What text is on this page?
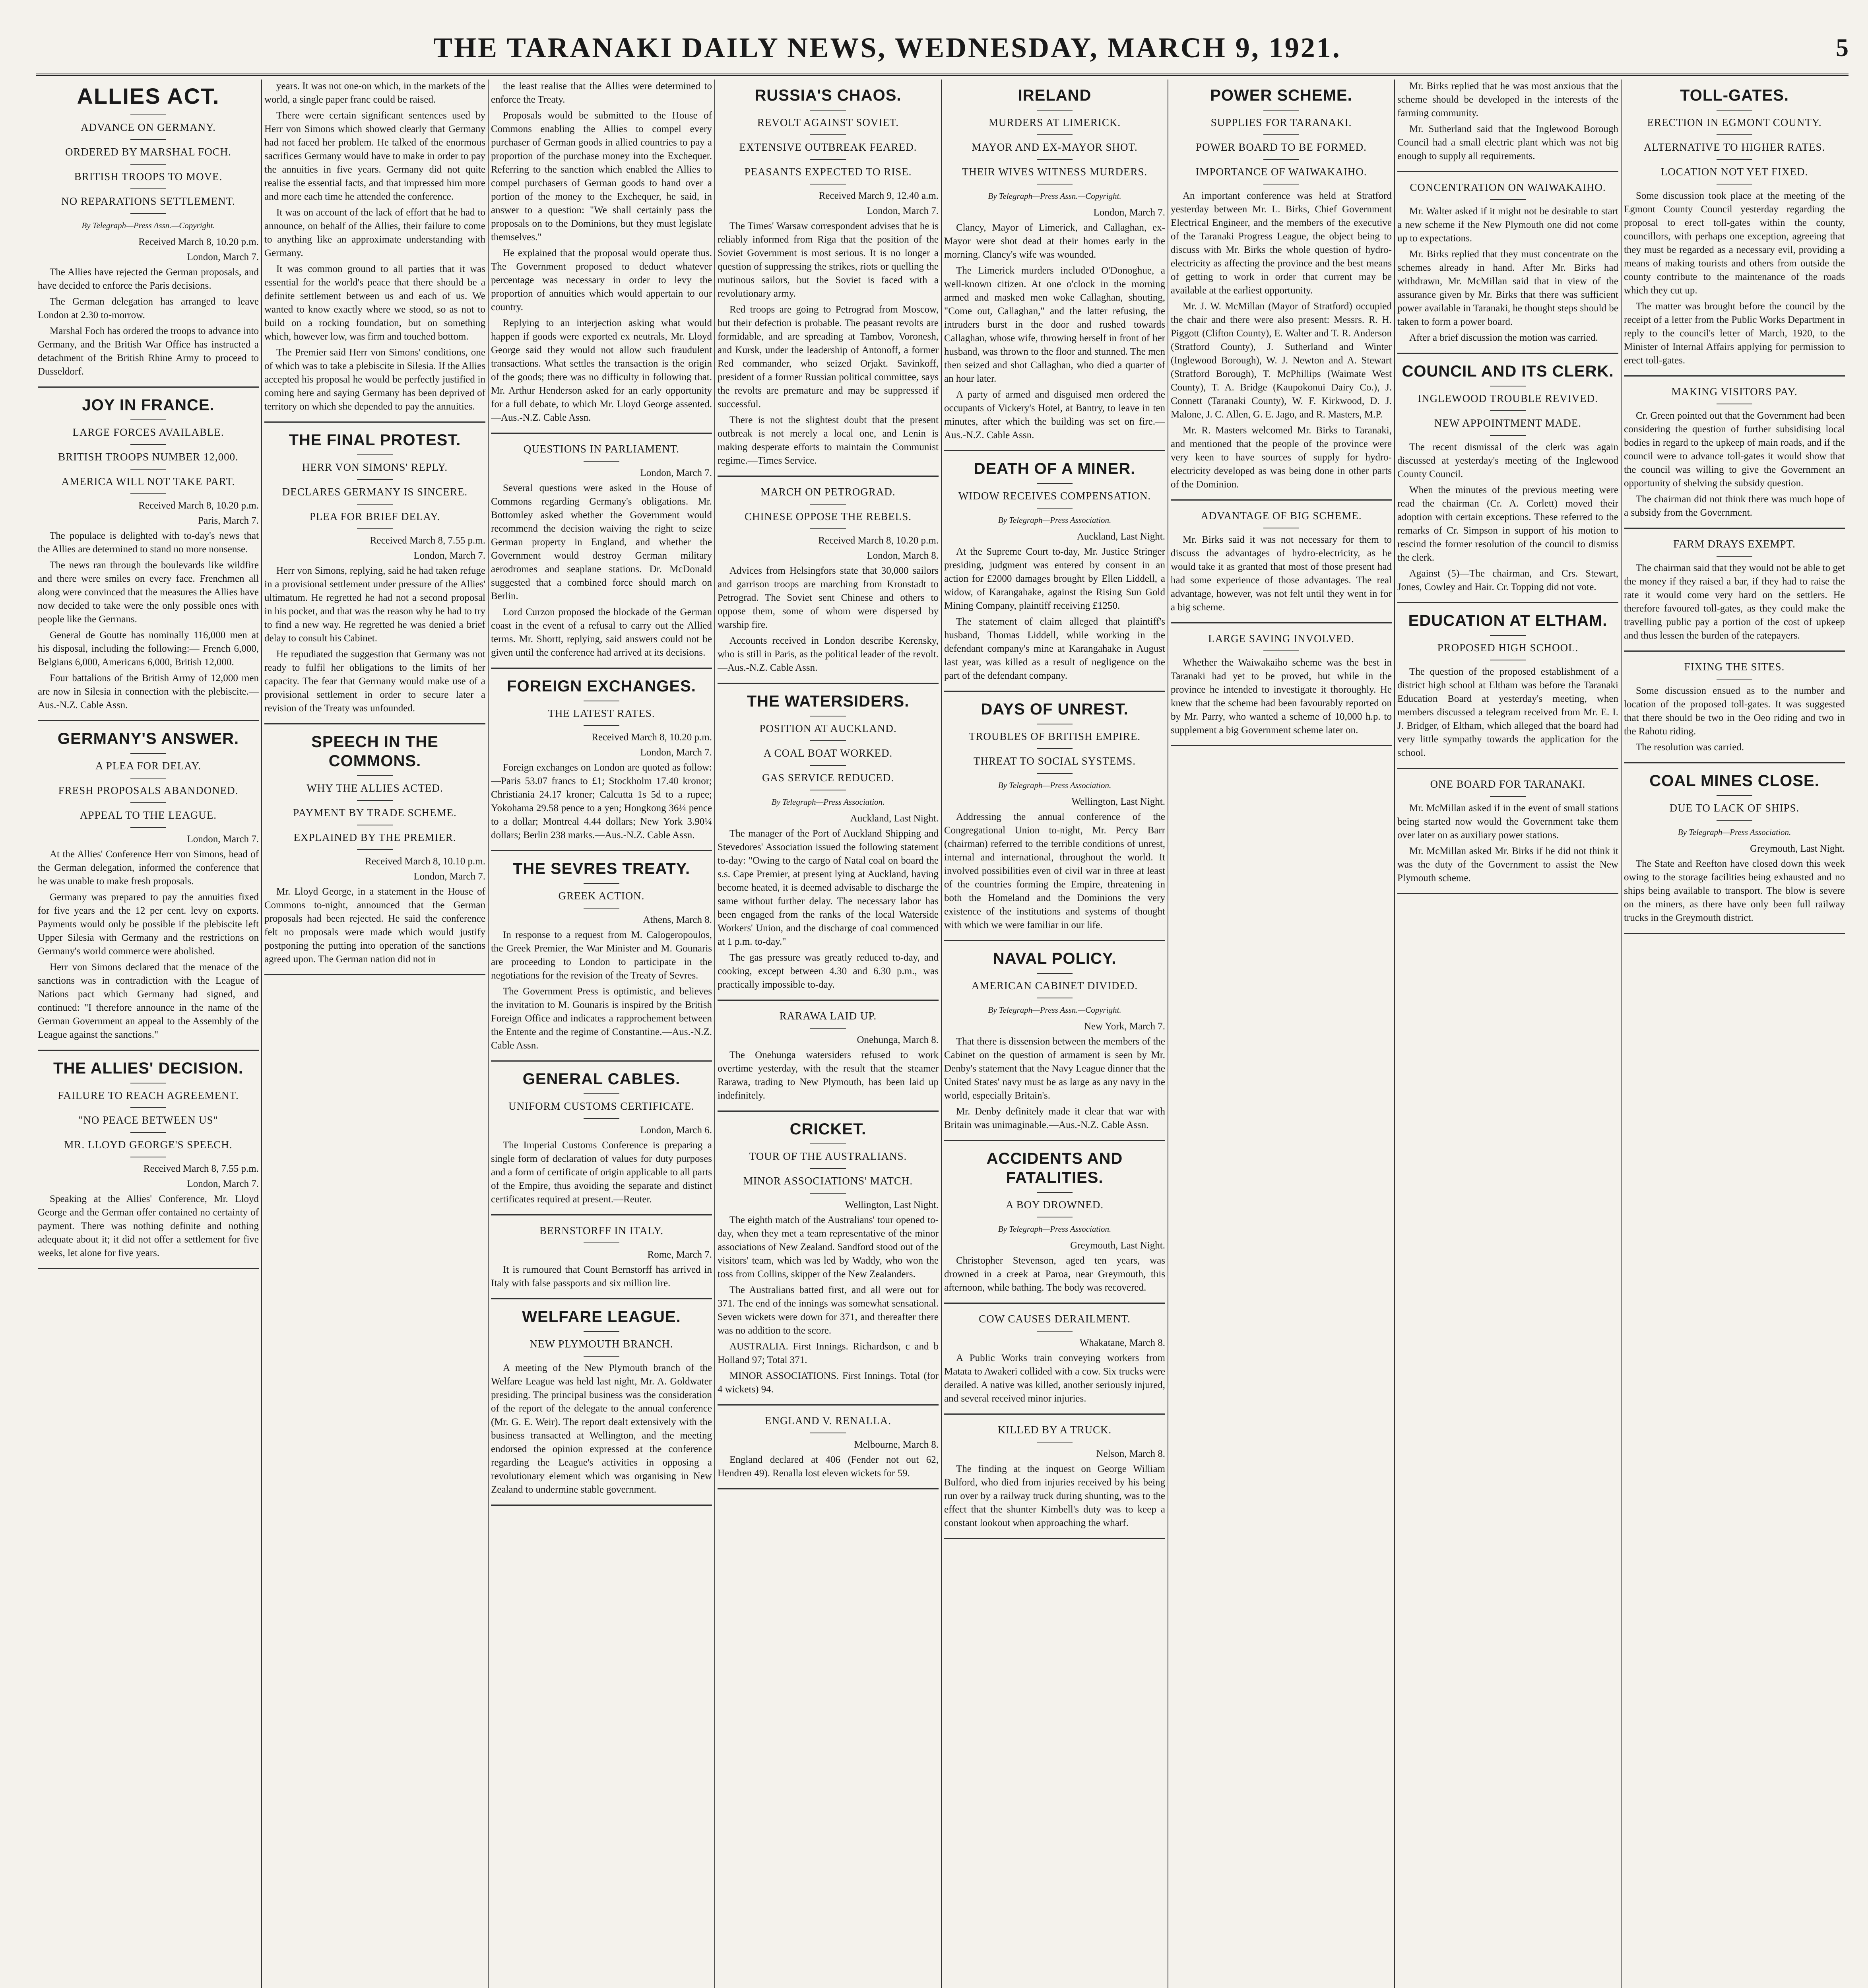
THE TARANAKI DAILY NEWS, WEDNESDAY, MARCH 9, 1921.	5
ALLIES ACT.
ADVANCE ON GERMANY.
ORDERED BY MARSHAL FOCH.
BRITISH TROOPS TO MOVE.
NO REPARATIONS SETTLEMENT.
By Telegraph—Press Assn.—Copyright.
Received March 8, 10.20 p.m.
London, March 7.

The Allies have rejected the German proposals, and have decided to enforce the Paris decisions.

The German delegation has arranged to leave London at 2.30 to-morrow.

Marshal Foch has ordered the troops to advance into Germany, and the British War Office has instructed a detachment of the British Rhine Army to proceed to Dusseldorf.

JOY IN FRANCE.
LARGE FORCES AVAILABLE.
BRITISH TROOPS NUMBER 12,000.
AMERICA WILL NOT TAKE PART.
Received March 8, 10.20 p.m.
Paris, March 7.

The populace is delighted with to-day's news that the Allies are determined to stand no more nonsense.

The news ran through the boulevards like wildfire and there were smiles on every face. Frenchmen all along were convinced that the measures the Allies have now decided to take were the only possible ones with people like the Germans.

General de Goutte has nominally 116,000 men at his disposal, including the following:— French 6,000, Belgians 6,000, Americans 6,000, British 12,000.

Four battalions of the British Army of 12,000 men are now in Silesia in connection with the plebiscite.—Aus.-N.Z. Cable Assn.

GERMANY'S ANSWER.
A PLEA FOR DELAY.
FRESH PROPOSALS ABANDONED.
APPEAL TO THE LEAGUE.
London, March 7.

At the Allies' Conference Herr von Simons, head of the German delegation, informed the conference that he was unable to make fresh proposals.

Germany was prepared to pay the annuities fixed for five years and the 12 per cent. levy on exports. Payments would only be possible if the plebiscite left Upper Silesia with Germany and the restrictions on Germany's world commerce were abolished.

Herr von Simons declared that the menace of the sanctions was in contradiction with the League of Nations pact which Germany had signed, and continued: "I therefore announce in the name of the German Government an appeal to the Assembly of the League against the sanctions."

THE ALLIES' DECISION.
FAILURE TO REACH AGREEMENT.
"NO PEACE BETWEEN US"
MR. LLOYD GEORGE'S SPEECH.
Received March 8, 7.55 p.m.
London, March 7.

Speaking at the Allies' Conference, Mr. Lloyd George and the German offer contained no certainty of payment. There was nothing definite and nothing adequate about it; it did not offer a settlement for five weeks, let alone for five years.

years. It was not one-on which, in the markets of the world, a single paper franc could be raised.

There were certain significant sentences used by Herr von Simons which showed clearly that Germany had not faced her problem. He talked of the enormous sacrifices Germany would have to make in order to pay the annuities in five years. Germany did not quite realise the essential facts, and that impressed him more and more each time he attended the conference.

It was on account of the lack of effort that he had to announce, on behalf of the Allies, their failure to come to anything like an approximate understanding with Germany.

It was common ground to all parties that it was essential for the world's peace that there should be a definite settlement between us and each of us. We wanted to know exactly where we stood, so as not to build on a rocking foundation, but on something which, however low, was firm and touched bottom.

The Premier said Herr von Simons' conditions, one of which was to take a plebiscite in Silesia. If the Allies accepted his proposal he would be perfectly justified in coming here and saying Germany has been deprived of territory on which she depended to pay the annuities.

THE FINAL PROTEST.
HERR VON SIMONS' REPLY.
DECLARES GERMANY IS SINCERE.
PLEA FOR BRIEF DELAY.
Received March 8, 7.55 p.m.
London, March 7.

Herr von Simons, replying, said he had taken refuge in a provisional settlement under pressure of the Allies' ultimatum. He regretted he had not a second proposal in his pocket, and that was the reason why he had to try to find a new way. He regretted he was denied a brief delay to consult his Cabinet.

He repudiated the suggestion that Germany was not ready to fulfil her obligations to the limits of her capacity. The fear that Germany would make use of a provisional settlement in order to secure later a revision of the Treaty was unfounded.

SPEECH IN THE COMMONS.
WHY THE ALLIES ACTED.
PAYMENT BY TRADE SCHEME.
EXPLAINED BY THE PREMIER.
Received March 8, 10.10 p.m.
London, March 7.

Mr. Lloyd George, in a statement in the House of Commons to-night, announced that the German proposals had been rejected. He said the conference felt no proposals were made which would justify postponing the putting into operation of the sanctions agreed upon. The German nation did not in

the least realise that the Allies were determined to enforce the Treaty.

Proposals would be submitted to the House of Commons enabling the Allies to compel every purchaser of German goods in allied countries to pay a proportion of the purchase money into the Exchequer. Referring to the sanction which enabled the Allies to compel purchasers of German goods to hand over a portion of the money to the Exchequer, he said, in answer to a question: "We shall certainly pass the proposals on to the Dominions, but they must legislate themselves."

He explained that the proposal would operate thus. The Government proposed to deduct whatever percentage was necessary in order to levy the proportion of annuities which would appertain to our country.

Replying to an interjection asking what would happen if goods were exported ex neutrals, Mr. Lloyd George said they would not allow such fraudulent transactions. What settles the transaction is the origin of the goods; there was no difficulty in following that. Mr. Arthur Henderson asked for an early opportunity for a full debate, to which Mr. Lloyd George assented.—Aus.-N.Z. Cable Assn.

QUESTIONS IN PARLIAMENT.
London, March 7.

Several questions were asked in the House of Commons regarding Germany's obligations. Mr. Bottomley asked whether the Government would recommend the decision waiving the right to seize German property in England, and whether the Government would destroy German military aerodromes and seaplane stations. Dr. McDonald suggested that a combined force should march on Berlin.

Lord Curzon proposed the blockade of the German coast in the event of a refusal to carry out the Allied terms. Mr. Shortt, replying, said answers could not be given until the conference had arrived at its decisions.

FOREIGN EXCHANGES.
THE LATEST RATES.
Received March 8, 10.20 p.m.
London, March 7.

Foreign exchanges on London are quoted as follow:—Paris 53.07 francs to £1; Stockholm 17.40 kronor; Christiania 24.17 kroner; Calcutta 1s 5d to a rupee; Yokohama 29.58 pence to a yen; Hongkong 36¼ pence to a dollar; Montreal 4.44 dollars; New York 3.90¼ dollars; Berlin 238 marks.—Aus.-N.Z. Cable Assn.

THE SEVRES TREATY.
GREEK ACTION.
Athens, March 8.

In response to a request from M. Calogeropoulos, the Greek Premier, the War Minister and M. Gounaris are proceeding to London to participate in the negotiations for the revision of the Treaty of Sevres.

The Government Press is optimistic, and believes the invitation to M. Gounaris is inspired by the British Foreign Office and indicates a rapprochement between the Entente and the regime of Constantine.—Aus.-N.Z. Cable Assn.

GENERAL CABLES.
UNIFORM CUSTOMS CERTIFICATE.
London, March 6.

The Imperial Customs Conference is preparing a single form of declaration of values for duty purposes and a form of certificate of origin applicable to all parts of the Empire, thus avoiding the separate and distinct certificates required at present.—Reuter.

BERNSTORFF IN ITALY.
Rome, March 7.

It is rumoured that Count Bernstorff has arrived in Italy with false passports and six million lire.

WELFARE LEAGUE.
NEW PLYMOUTH BRANCH.

A meeting of the New Plymouth branch of the Welfare League was held last night, Mr. A. Goldwater presiding. The principal business was the consideration of the report of the delegate to the annual conference (Mr. G. E. Weir). The report dealt extensively with the business transacted at Wellington, and the meeting endorsed the opinion expressed at the conference regarding the League's activities in opposing a revolutionary element which was organising in New Zealand to undermine stable government.

RUSSIA'S CHAOS.
REVOLT AGAINST SOVIET.
EXTENSIVE OUTBREAK FEARED.
PEASANTS EXPECTED TO RISE.
Received March 9, 12.40 a.m.
London, March 7.

The Times' Warsaw correspondent advises that he is reliably informed from Riga that the position of the Soviet Government is most serious. It is no longer a question of suppressing the strikes, riots or quelling the mutinous sailors, but the Soviet is faced with a revolutionary army.

Red troops are going to Petrograd from Moscow, but their defection is probable. The peasant revolts are formidable, and are spreading at Tambov, Voronesh, and Kursk, under the leadership of Antonoff, a former Red commander, who seized Orjakt. Savinkoff, president of a former Russian political committee, says the revolts are premature and may be suppressed if successful.

There is not the slightest doubt that the present outbreak is not merely a local one, and Lenin is making desperate efforts to maintain the Communist regime.—Times Service.

MARCH ON PETROGRAD.
CHINESE OPPOSE THE REBELS.
Received March 8, 10.20 p.m.
London, March 8.

Advices from Helsingfors state that 30,000 sailors and garrison troops are marching from Kronstadt to Petrograd. The Soviet sent Chinese and others to oppose them, some of whom were dispersed by warship fire.

Accounts received in London describe Kerensky, who is still in Paris, as the political leader of the revolt.—Aus.-N.Z. Cable Assn.

THE WATERSIDERS.
POSITION AT AUCKLAND.
A COAL BOAT WORKED.
GAS SERVICE REDUCED.
By Telegraph—Press Association.
Auckland, Last Night.

The manager of the Port of Auckland Shipping and Stevedores' Association issued the following statement to-day: "Owing to the cargo of Natal coal on board the s.s. Cape Premier, at present lying at Auckland, having become heated, it is deemed advisable to discharge the same without further delay. The necessary labor has been engaged from the ranks of the local Waterside Workers' Union, and the discharge of coal commenced at 1 p.m. to-day."

The gas pressure was greatly reduced to-day, and cooking, except between 4.30 and 6.30 p.m., was practically impossible to-day.

RARAWA LAID UP.
Onehunga, March 8.

The Onehunga watersiders refused to work overtime yesterday, with the result that the steamer Rarawa, trading to New Plymouth, has been laid up indefinitely.

CRICKET.
TOUR OF THE AUSTRALIANS.
MINOR ASSOCIATIONS' MATCH.
Wellington, Last Night.

The eighth match of the Australians' tour opened to-day, when they met a team representative of the minor associations of New Zealand. Sandford stood out of the visitors' team, which was led by Waddy, who won the toss from Collins, skipper of the New Zealanders.

The Australians batted first, and all were out for 371. The end of the innings was somewhat sensational. Seven wickets were down for 371, and thereafter there was no addition to the score.

AUSTRALIA. First Innings. Richardson, c and b Holland 97; Total 371.

MINOR ASSOCIATIONS. First Innings. Total (for 4 wickets) 94.

ENGLAND V. RENALLA.
Melbourne, March 8.

England declared at 406 (Fender not out 62, Hendren 49). Renalla lost eleven wickets for 59.

IRELAND
MURDERS AT LIMERICK.
MAYOR AND EX-MAYOR SHOT.
THEIR WIVES WITNESS MURDERS.
By Telegraph—Press Assn.—Copyright.
London, March 7.

Clancy, Mayor of Limerick, and Callaghan, ex-Mayor were shot dead at their homes early in the morning. Clancy's wife was wounded.

The Limerick murders included O'Donoghue, a well-known citizen. At one o'clock in the morning armed and masked men woke Callaghan, shouting, "Come out, Callaghan," and the latter refusing, the intruders burst in the door and rushed towards Callaghan, whose wife, throwing herself in front of her husband, was thrown to the floor and stunned. The men then seized and shot Callaghan, who died a quarter of an hour later.

A party of armed and disguised men ordered the occupants of Vickery's Hotel, at Bantry, to leave in ten minutes, after which the building was set on fire.—Aus.-N.Z. Cable Assn.

DEATH OF A MINER.
WIDOW RECEIVES COMPENSATION.
By Telegraph—Press Association.
Auckland, Last Night.

At the Supreme Court to-day, Mr. Justice Stringer presiding, judgment was entered by consent in an action for £2000 damages brought by Ellen Liddell, a widow, of Karangahake, against the Rising Sun Gold Mining Company, plaintiff receiving £1250.

The statement of claim alleged that plaintiff's husband, Thomas Liddell, while working in the defendant company's mine at Karangahake in August last year, was killed as a result of negligence on the part of the defendant company.

DAYS OF UNREST.
TROUBLES OF BRITISH EMPIRE.
THREAT TO SOCIAL SYSTEMS.
By Telegraph—Press Association.
Wellington, Last Night.

Addressing the annual conference of the Congregational Union to-night, Mr. Percy Barr (chairman) referred to the terrible conditions of unrest, internal and international, throughout the world. It involved possibilities even of civil war in three at least of the countries forming the Empire, threatening in both the Homeland and the Dominions the very existence of the institutions and systems of thought with which we were familiar in our life.

NAVAL POLICY.
AMERICAN CABINET DIVIDED.
By Telegraph—Press Assn.—Copyright.
New York, March 7.

That there is dissension between the members of the Cabinet on the question of armament is seen by Mr. Denby's statement that the Navy League dinner that the United States' navy must be as large as any navy in the world, especially Britain's.

Mr. Denby definitely made it clear that war with Britain was unimaginable.—Aus.-N.Z. Cable Assn.

ACCIDENTS AND FATALITIES.
A BOY DROWNED.
By Telegraph—Press Association.
Greymouth, Last Night.

Christopher Stevenson, aged ten years, was drowned in a creek at Paroa, near Greymouth, this afternoon, while bathing. The body was recovered.

COW CAUSES DERAILMENT.
Whakatane, March 8.

A Public Works train conveying workers from Matata to Awakeri collided with a cow. Six trucks were derailed. A native was killed, another seriously injured, and several received minor injuries.

KILLED BY A TRUCK.
Nelson, March 8.

The finding at the inquest on George William Bulford, who died from injuries received by his being run over by a railway truck during shunting, was to the effect that the shunter Kimbell's duty was to keep a constant lookout when approaching the wharf.

POWER SCHEME.
SUPPLIES FOR TARANAKI.
POWER BOARD TO BE FORMED.
IMPORTANCE OF WAIWAKAIHO.

An important conference was held at Stratford yesterday between Mr. L. Birks, Chief Government Electrical Engineer, and the members of the executive of the Taranaki Progress League, the object being to discuss with Mr. Birks the whole question of hydro-electricity as affecting the province and the best means of getting to work in order that current may be available at the earliest opportunity.

Mr. J. W. McMillan (Mayor of Stratford) occupied the chair and there were also present: Messrs. R. H. Piggott (Clifton County), E. Walter and T. R. Anderson (Stratford County), J. Sutherland and Winter (Inglewood Borough), W. J. Newton and A. Stewart (Stratford Borough), T. McPhillips (Waimate West County), T. A. Bridge (Kaupokonui Dairy Co.), J. Connett (Taranaki County), W. F. Kirkwood, D. J. Malone, J. C. Allen, G. E. Jago, and R. Masters, M.P.

Mr. R. Masters welcomed Mr. Birks to Taranaki, and mentioned that the people of the province were very keen to have sources of supply for hydro-electricity developed as was being done in other parts of the Dominion.

ADVANTAGE OF BIG SCHEME.

Mr. Birks said it was not necessary for them to discuss the advantages of hydro-electricity, as he would take it as granted that most of those present had had some experience of those advantages. The real advantage, however, was not felt until they went in for a big scheme.

LARGE SAVING INVOLVED.

Whether the Waiwakaiho scheme was the best in Taranaki had yet to be proved, but while in the province he intended to investigate it thoroughly. He knew that the scheme had been favourably reported on by Mr. Parry, who wanted a scheme of 10,000 h.p. to supplement a big Government scheme later on.

Mr. Birks replied that he was most anxious that the scheme should be developed in the interests of the farming community.

Mr. Sutherland said that the Inglewood Borough Council had a small electric plant which was not big enough to supply all requirements.

CONCENTRATION ON WAIWAKAIHO.

Mr. Walter asked if it might not be desirable to start a new scheme if the New Plymouth one did not come up to expectations.

Mr. Birks replied that they must concentrate on the schemes already in hand. After Mr. Birks had withdrawn, Mr. McMillan said that in view of the assurance given by Mr. Birks that there was sufficient power available in Taranaki, he thought steps should be taken to form a power board.

After a brief discussion the motion was carried.

COUNCIL AND ITS CLERK.
INGLEWOOD TROUBLE REVIVED.
NEW APPOINTMENT MADE.

The recent dismissal of the clerk was again discussed at yesterday's meeting of the Inglewood County Council.

When the minutes of the previous meeting were read the chairman (Cr. A. Corlett) moved their adoption with certain exceptions. These referred to the remarks of Cr. Simpson in support of his motion to rescind the former resolution of the council to dismiss the clerk.

Against (5)—The chairman, and Crs. Stewart, Jones, Cowley and Hair. Cr. Topping did not vote.

EDUCATION AT ELTHAM.
PROPOSED HIGH SCHOOL.

The question of the proposed establishment of a district high school at Eltham was before the Taranaki Education Board at yesterday's meeting, when members discussed a telegram received from Mr. E. I. J. Bridger, of Eltham, which alleged that the board had very little sympathy towards the application for the school.

ONE BOARD FOR TARANAKI.

Mr. McMillan asked if in the event of small stations being started now would the Government take them over later on as auxiliary power stations.

Mr. McMillan asked Mr. Birks if he did not think it was the duty of the Government to assist the New Plymouth scheme.

TOLL-GATES.
ERECTION IN EGMONT COUNTY.
ALTERNATIVE TO HIGHER RATES.
LOCATION NOT YET FIXED.

Some discussion took place at the meeting of the Egmont County Council yesterday regarding the proposal to erect toll-gates within the county, councillors, with perhaps one exception, agreeing that they must be regarded as a necessary evil, providing a means of making tourists and others from outside the county contribute to the maintenance of the roads which they cut up.

The matter was brought before the council by the receipt of a letter from the Public Works Department in reply to the council's letter of March, 1920, to the Minister of Internal Affairs applying for permission to erect toll-gates.

MAKING VISITORS PAY.

Cr. Green pointed out that the Government had been considering the question of further subsidising local bodies in regard to the upkeep of main roads, and if the council were to advance toll-gates it would show that the council was willing to give the Government an opportunity of shelving the subsidy question.

The chairman did not think there was much hope of a subsidy from the Government.

FARM DRAYS EXEMPT.

The chairman said that they would not be able to get the money if they raised a bar, if they had to raise the rate it would come very hard on the settlers. He therefore favoured toll-gates, as they could make the travelling public pay a portion of the cost of upkeep and thus lessen the burden of the ratepayers.

FIXING THE SITES.

Some discussion ensued as to the number and location of the proposed toll-gates. It was suggested that there should be two in the Oeo riding and two in the Rahotu riding.

The resolution was carried.

COAL MINES CLOSE.
DUE TO LACK OF SHIPS.
By Telegraph—Press Association.
Greymouth, Last Night.

The State and Reefton have closed down this week owing to the storage facilities being exhausted and no ships being available to transport. The blow is severe on the miners, as there have only been full railway trucks in the Greymouth district.
